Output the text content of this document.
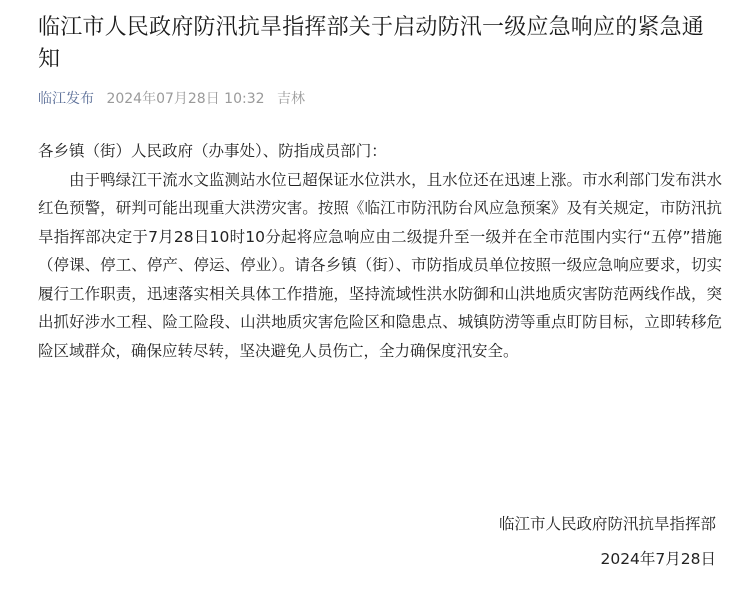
临江市人民政府防汛抗旱指挥部关于启动防汛一级应急响应的紧急通知
临江发布 2024年07月28日 10:32 吉林

各乡镇（街）人民政府（办事处）、防指成员部门：

由于鸭绿江干流水文监测站水位已超保证水位洪水，且水位还在迅速上涨。市水利部门发布洪水红色预警，研判可能出现重大洪涝灾害。按照《临江市防汛防台风应急预案》及有关规定，市防汛抗旱指挥部决定于7月28日10时10分起将应急响应由二级提升至一级并在全市范围内实行“五停”措施（停课、停工、停产、停运、停业）。请各乡镇（街）、市防指成员单位按照一级应急响应要求，切实履行工作职责，迅速落实相关具体工作措施，坚持流域性洪水防御和山洪地质灾害防范两线作战，突出抓好涉水工程、险工险段、山洪地质灾害危险区和隐患点、城镇防涝等重点盯防目标，立即转移危险区域群众，确保应转尽转，坚决避免人员伤亡，全力确保度汛安全。

临江市人民政府防汛抗旱指挥部
2024年7月28日
